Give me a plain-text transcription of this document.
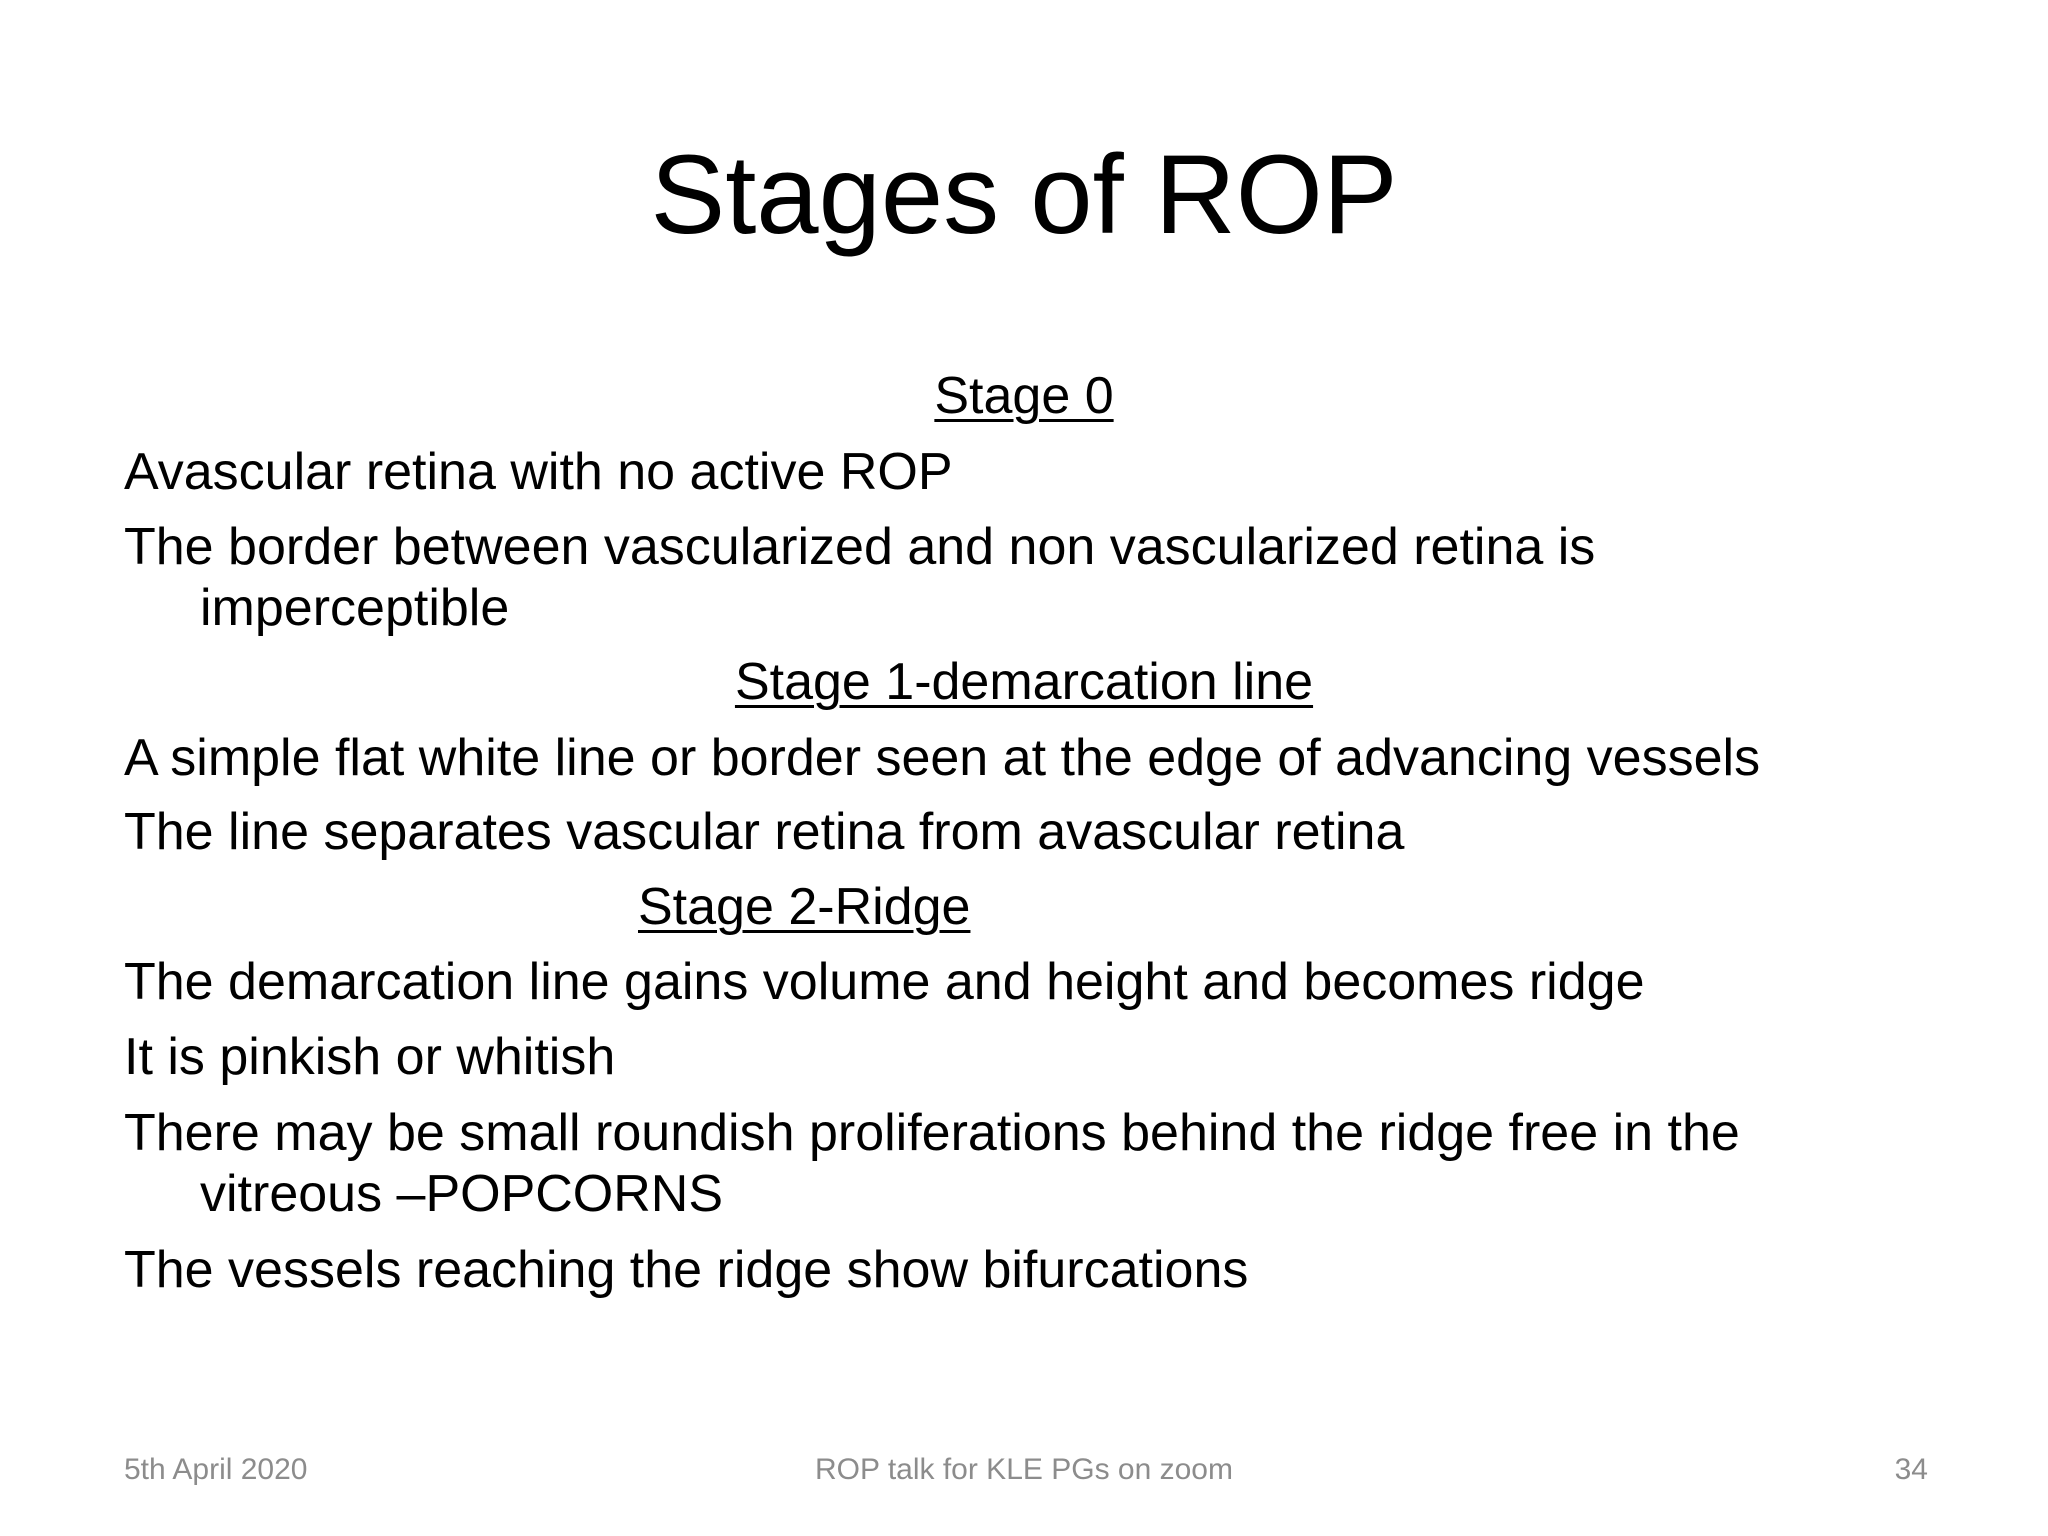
Stages of ROP
Stage 0
Avascular retina with no active ROP
The border between vascularized and non vascularized retina is
imperceptible
Stage 1-demarcation line
A simple flat white line or border seen at the edge of advancing vessels
The line separates vascular retina from avascular retina
Stage 2-Ridge
The demarcation line gains volume and height and becomes ridge
It is pinkish or whitish
There may be small roundish proliferations behind the ridge free in the
vitreous –POPCORNS
The vessels reaching the ridge show bifurcations
5th April 2020	ROP talk for KLE PGs on zoom	34
